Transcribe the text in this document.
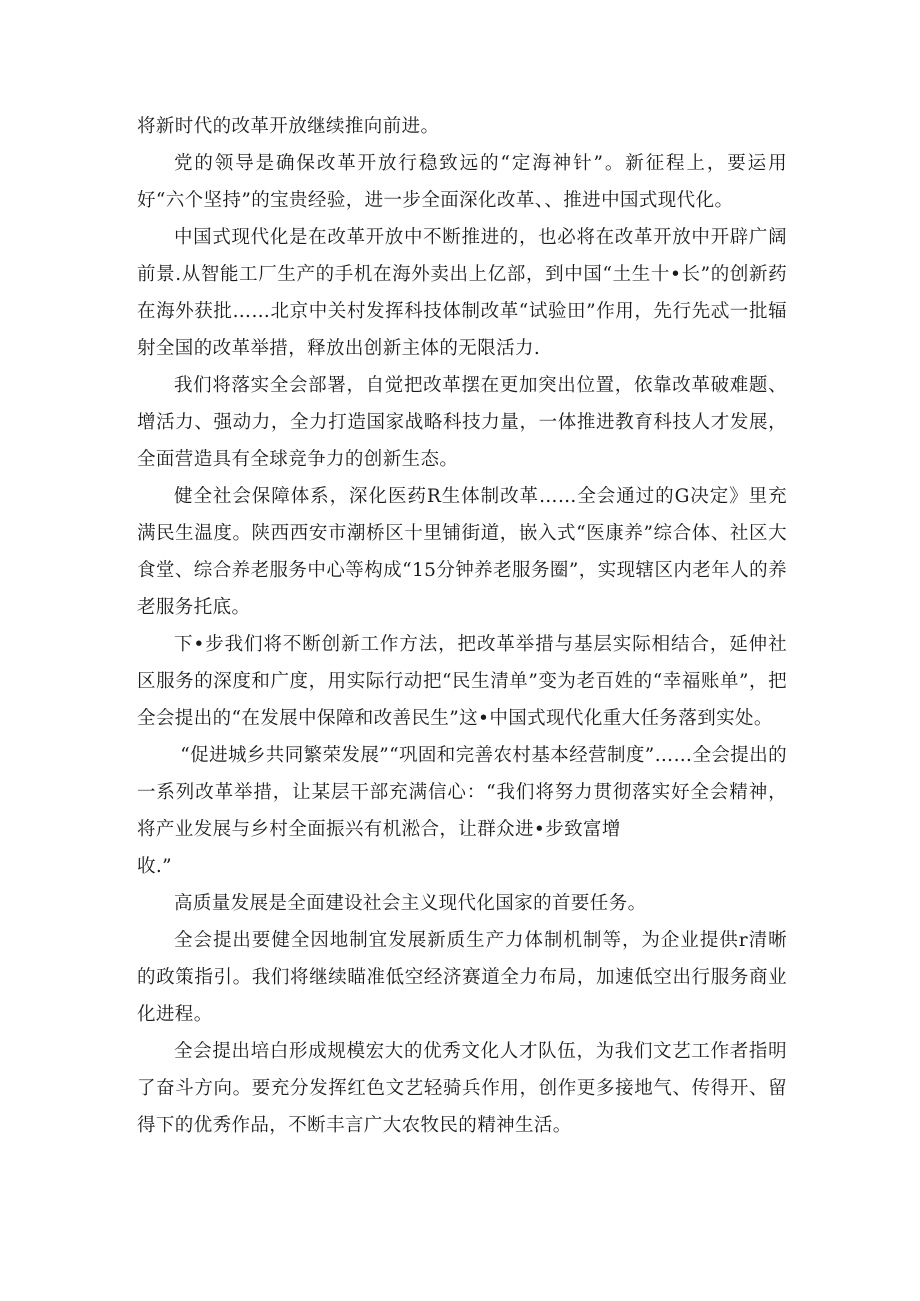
将新时代的改革开放继续推向前进。

党的领导是确保改革开放行稳致远的“定海神针”。新征程上，要运用好“六个坚持”的宝贵经验，进一步全面深化改革、、推进中国式现代化。

中国式现代化是在改革开放中不断推进的，也必将在改革开放中开辟广阔前景.从智能工厂生产的手机在海外卖出上亿部，到中国“土生十•长”的创新药在海外获批……北京中关村发挥科技体制改革“试验田”作用，先行先忒一批辐射全国的改革举措，释放出创新主体的无限活力.

我们将落实全会部署，自觉把改革摆在更加突出位置，依靠改革破难题、增活力、强动力，全力打造国家战略科技力量，一体推进教育科技人才发展，全面营造具有全球竞争力的创新生态。

健全社会保障体系，深化医药R生体制改革……全会通过的G决定》里充满民生温度。陕西西安市潮桥区十里铺街道，嵌入式“医康养”综合体、社区大食堂、综合养老服务中心等构成“15分钟养老服务圈”，实现辖区内老年人的养老服务托底。

下•步我们将不断创新工作方法，把改革举措与基层实际相结合，延伸社区服务的深度和广度，用实际行动把“民生清单”变为老百姓的“幸福账单”，把全会提出的“在发展中保障和改善民生”这•中国式现代化重大任务落到实处。

“促进城乡共同繁荣发展”“巩固和完善农村基本经营制度”……全会提出的一系列改革举措，让某层干部充满信心：“我们将努力贯彻落实好全会精神，将产业发展与乡村全面振兴有机淞合，让群众进•步致富增

收.”

高质量发展是全面建设社会主义现代化国家的首要任务。

全会提出要健全因地制宜发展新质生产力体制机制等，为企业提供r清晰的政策指引。我们将继续瞄准低空经济赛道全力布局，加速低空出行服务商业化进程。

全会提出培白形成规模宏大的优秀文化人才队伍，为我们文艺工作者指明了奋斗方向。要充分发挥红色文艺轻骑兵作用，创作更多接地气、传得开、留得下的优秀作品，不断丰言广大农牧民的精神生活。
